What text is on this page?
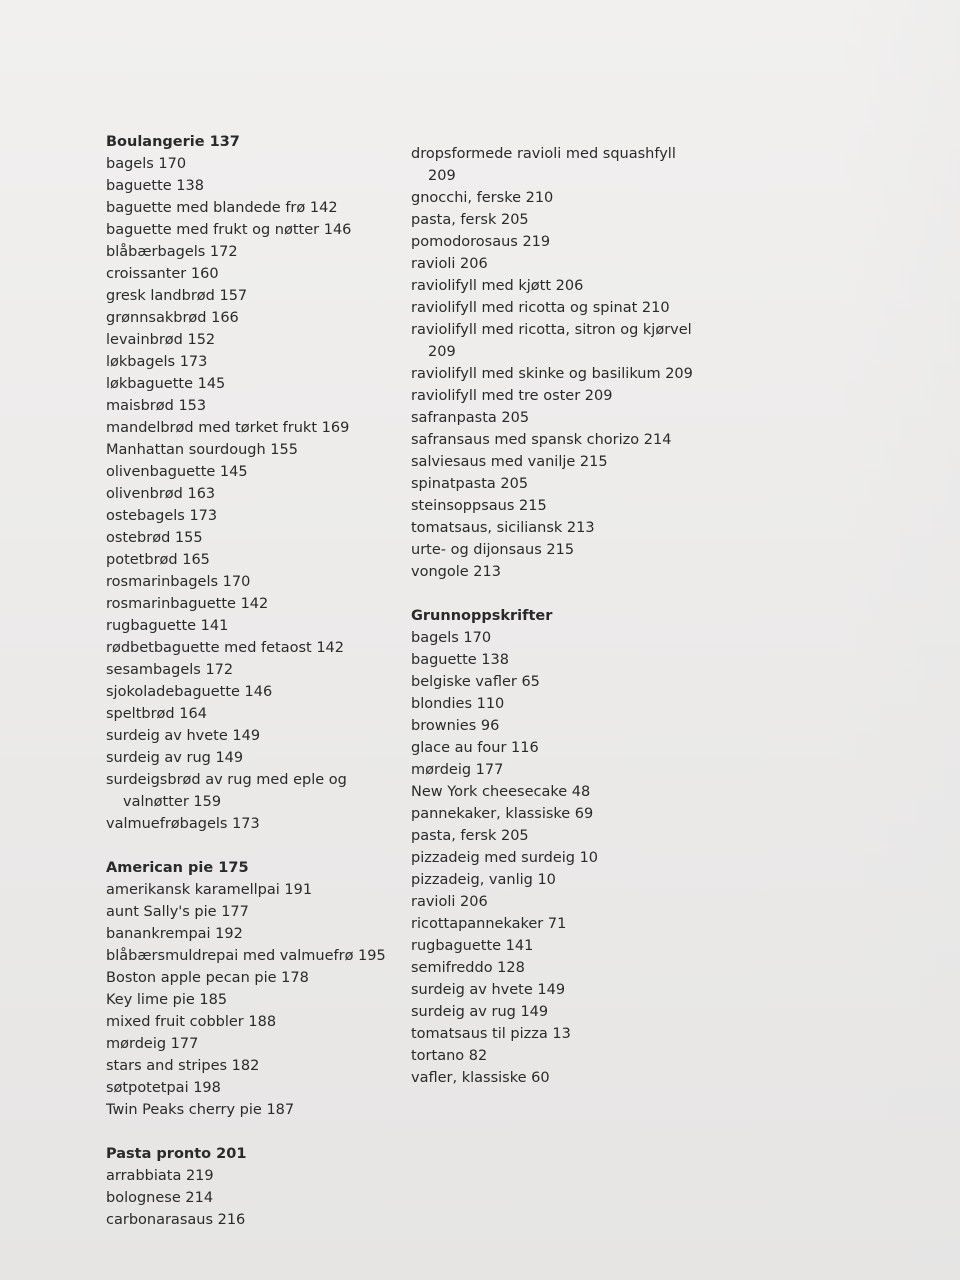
Boulangerie 137
bagels 170
baguette 138
baguette med blandede frø 142
baguette med frukt og nøtter 146
blåbærbagels 172
croissanter 160
gresk landbrød 157
grønnsakbrød 166
levainbrød 152
løkbagels 173
løkbaguette 145
maisbrød 153
mandelbrød med tørket frukt 169
Manhattan sourdough 155
olivenbaguette 145
olivenbrød 163
ostebagels 173
ostebrød 155
potetbrød 165
rosmarinbagels 170
rosmarinbaguette 142
rugbaguette 141
rødbetbaguette med fetaost 142
sesambagels 172
sjokoladebaguette 146
speltbrød 164
surdeig av hvete 149
surdeig av rug 149
surdeigsbrød av rug med eple og
valnøtter 159
valmuefrøbagels 173
American pie 175
amerikansk karamellpai 191
aunt Sally's pie 177
banankrempai 192
blåbærsmuldrepai med valmuefrø 195
Boston apple pecan pie 178
Key lime pie 185
mixed fruit cobbler 188
mørdeig 177
stars and stripes 182
søtpotetpai 198
Twin Peaks cherry pie 187
Pasta pronto 201
arrabbiata 219
bolognese 214
carbonarasaus 216
dropsformede ravioli med squashfyll
209
gnocchi, ferske 210
pasta, fersk 205
pomodorosaus 219
ravioli 206
raviolifyll med kjøtt 206
raviolifyll med ricotta og spinat 210
raviolifyll med ricotta, sitron og kjørvel
209
raviolifyll med skinke og basilikum 209
raviolifyll med tre oster 209
safranpasta 205
safransaus med spansk chorizo 214
salviesaus med vanilje 215
spinatpasta 205
steinsoppsaus 215
tomatsaus, siciliansk 213
urte- og dijonsaus 215
vongole 213
Grunnoppskrifter
bagels 170
baguette 138
belgiske vafler 65
blondies 110
brownies 96
glace au four 116
mørdeig 177
New York cheesecake 48
pannekaker, klassiske 69
pasta, fersk 205
pizzadeig med surdeig 10
pizzadeig, vanlig 10
ravioli 206
ricottapannekaker 71
rugbaguette 141
semifreddo 128
surdeig av hvete 149
surdeig av rug 149
tomatsaus til pizza 13
tortano 82
vafler, klassiske 60
